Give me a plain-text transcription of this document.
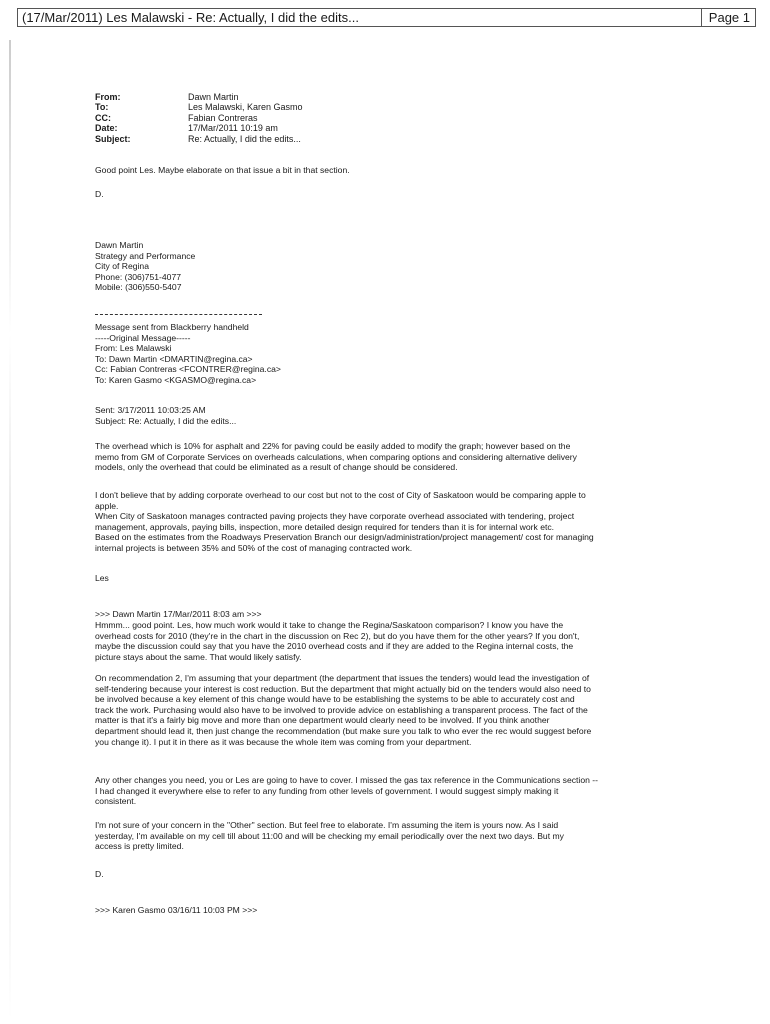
(17/Mar/2011) Les Malawski - Re: Actually, I did the edits...	Page 1
From:	Dawn Martin
To:	Les Malawski, Karen Gasmo
CC:	Fabian Contreras
Date:	17/Mar/2011 10:19 am
Subject:	Re: Actually, I did the edits...

Good point Les. Maybe elaborate on that issue a bit in that section.

D.

Dawn Martin

Strategy and Performance

City of Regina

Phone: (306)751-4077

Mobile: (306)550-5407

Message sent from Blackberry handheld

-----Original Message-----

From: Les Malawski

To: Dawn Martin <DMARTIN@regina.ca>

Cc: Fabian Contreras <FCONTRER@regina.ca>

To: Karen Gasmo <KGASMO@regina.ca>

Sent: 3/17/2011 10:03:25 AM

Subject: Re: Actually, I did the edits...

The overhead which is 10% for asphalt and 22% for paving could be easily added to modify the graph; however based on the

memo from GM of Corporate Services on overheads calculations, when comparing options and considering alternative delivery

models, only the overhead that could be eliminated as a result of change should be considered.

I don't believe that by adding corporate overhead to our cost but not to the cost of City of Saskatoon would be comparing apple to

apple.

When City of Saskatoon manages contracted paving projects they have corporate overhead associated with tendering, project

management, approvals, paying bills, inspection, more detailed design required for tenders than it is for internal work etc.

Based on the estimates from the Roadways Preservation Branch our design/administration/project management/ cost for managing

internal projects is between 35% and 50% of the cost of managing contracted work.

Les

>>> Dawn Martin 17/Mar/2011 8:03 am >>>

Hmmm... good point. Les, how much work would it take to change the Regina/Saskatoon comparison? I know you have the

overhead costs for 2010 (they're in the chart in the discussion on Rec 2), but do you have them for the other years? If you don't,

maybe the discussion could say that you have the 2010 overhead costs and if they are added to the Regina internal costs, the

picture stays about the same. That would likely satisfy.

On recommendation 2, I'm assuming that your department (the department that issues the tenders) would lead the investigation of

self-tendering because your interest is cost reduction. But the department that might actually bid on the tenders would also need to

be involved because a key element of this change would have to be establishing the systems to be able to accurately cost and

track the work. Purchasing would also have to be involved to provide advice on establishing a transparent process. The fact of the

matter is that it's a fairly big move and more than one department would clearly need to be involved. If you think another

department should lead it, then just change the recommendation (but make sure you talk to who ever the rec would suggest before

you change it). I put it in there as it was because the whole item was coming from your department.

Any other changes you need, you or Les are going to have to cover. I missed the gas tax reference in the Communications section --

I had changed it everywhere else to refer to any funding from other levels of government. I would suggest simply making it

consistent.

I'm not sure of your concern in the "Other" section. But feel free to elaborate. I'm assuming the item is yours now. As I said

yesterday, I'm available on my cell till about 11:00 and will be checking my email periodically over the next two days. But my

access is pretty limited.

D.

>>> Karen Gasmo 03/16/11 10:03 PM >>>
